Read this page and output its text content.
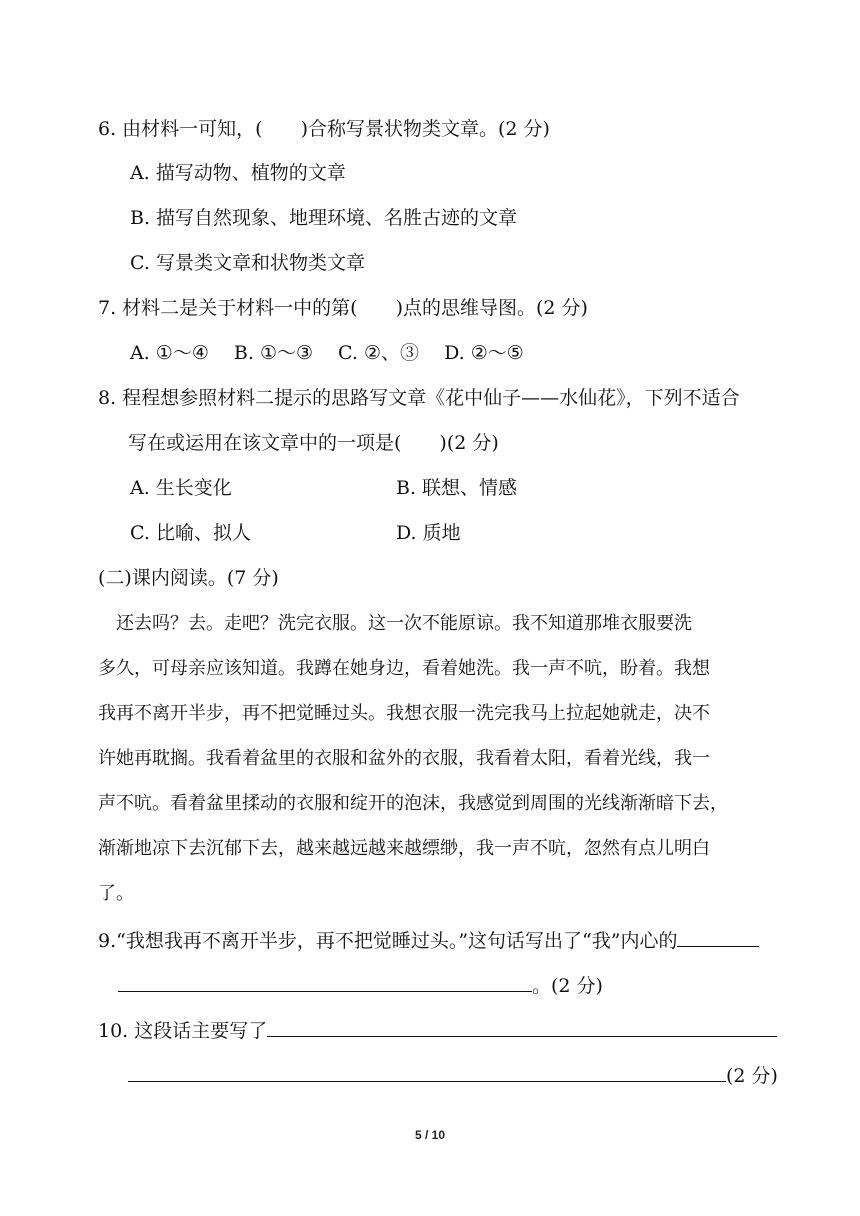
6. 由材料一可知，(　　)合称写景状物类文章。(2 分)
A. 描写动物、植物的文章
B. 描写自然现象、地理环境、名胜古迹的文章
C. 写景类文章和状物类文章
7. 材料二是关于材料一中的第(　　)点的思维导图。(2 分)
A. ①～④　 B. ①～③　 C. ②、③　 D. ②～⑤
8. 程程想参照材料二提示的思路写文章《花中仙子——水仙花》，下列不适合
写在或运用在该文章中的一项是(　　)(2 分)
A. 生长变化	B. 联想、情感
C. 比喻、拟人	D. 质地
(二)课内阅读。(7 分)
　还去吗？去。走吧？洗完衣服。这一次不能原谅。我不知道那堆衣服要洗
多久，可母亲应该知道。我蹲在她身边，看着她洗。我一声不吭，盼着。我想
我再不离开半步，再不把觉睡过头。我想衣服一洗完我马上拉起她就走，决不
许她再耽搁。我看着盆里的衣服和盆外的衣服，我看着太阳，看着光线，我一
声不吭。看着盆里揉动的衣服和绽开的泡沫，我感觉到周围的光线渐渐暗下去，
渐渐地凉下去沉郁下去，越来越远越来越缥缈，我一声不吭，忽然有点儿明白
了。
9.“我想我再不离开半步，再不把觉睡过头。”这句话写出了“我”内心的
。(2 分)
10. 这段话主要写了
(2 分)
5 / 10
